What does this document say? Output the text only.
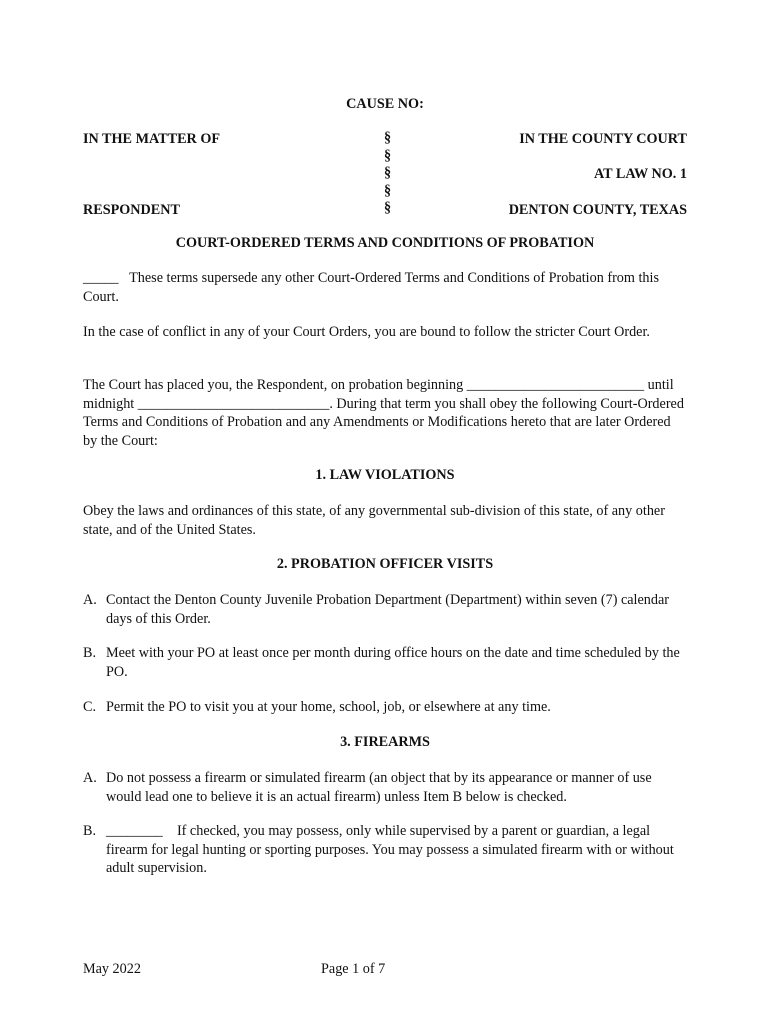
CAUSE NO:
IN THE MATTER OF
RESPONDENT
§
§
§
§
§
IN THE COUNTY COURT
AT LAW NO. 1
DENTON COUNTY, TEXAS
COURT-ORDERED TERMS AND CONDITIONS OF PROBATION
_____ These terms supersede any other Court-Ordered Terms and Conditions of Probation from this Court.
In the case of conflict in any of your Court Orders, you are bound to follow the stricter Court Order.
The Court has placed you, the Respondent, on probation beginning _________________________ until midnight ___________________________. During that term you shall obey the following Court-Ordered Terms and Conditions of Probation and any Amendments or Modifications hereto that are later Ordered by the Court:
1. LAW VIOLATIONS
Obey the laws and ordinances of this state, of any governmental sub-division of this state, of any other state, and of the United States.
2. PROBATION OFFICER VISITS
A. Contact the Denton County Juvenile Probation Department (Department) within seven (7) calendar days of this Order.
B. Meet with your PO at least once per month during office hours on the date and time scheduled by the PO.
C. Permit the PO to visit you at your home, school, job, or elsewhere at any time.
3. FIREARMS
A. Do not possess a firearm or simulated firearm (an object that by its appearance or manner of use would lead one to believe it is an actual firearm) unless Item B below is checked.
B. ________ If checked, you may possess, only while supervised by a parent or guardian, a legal firearm for legal hunting or sporting purposes. You may possess a simulated firearm with or without adult supervision.
May 2022	Page 1 of 7
